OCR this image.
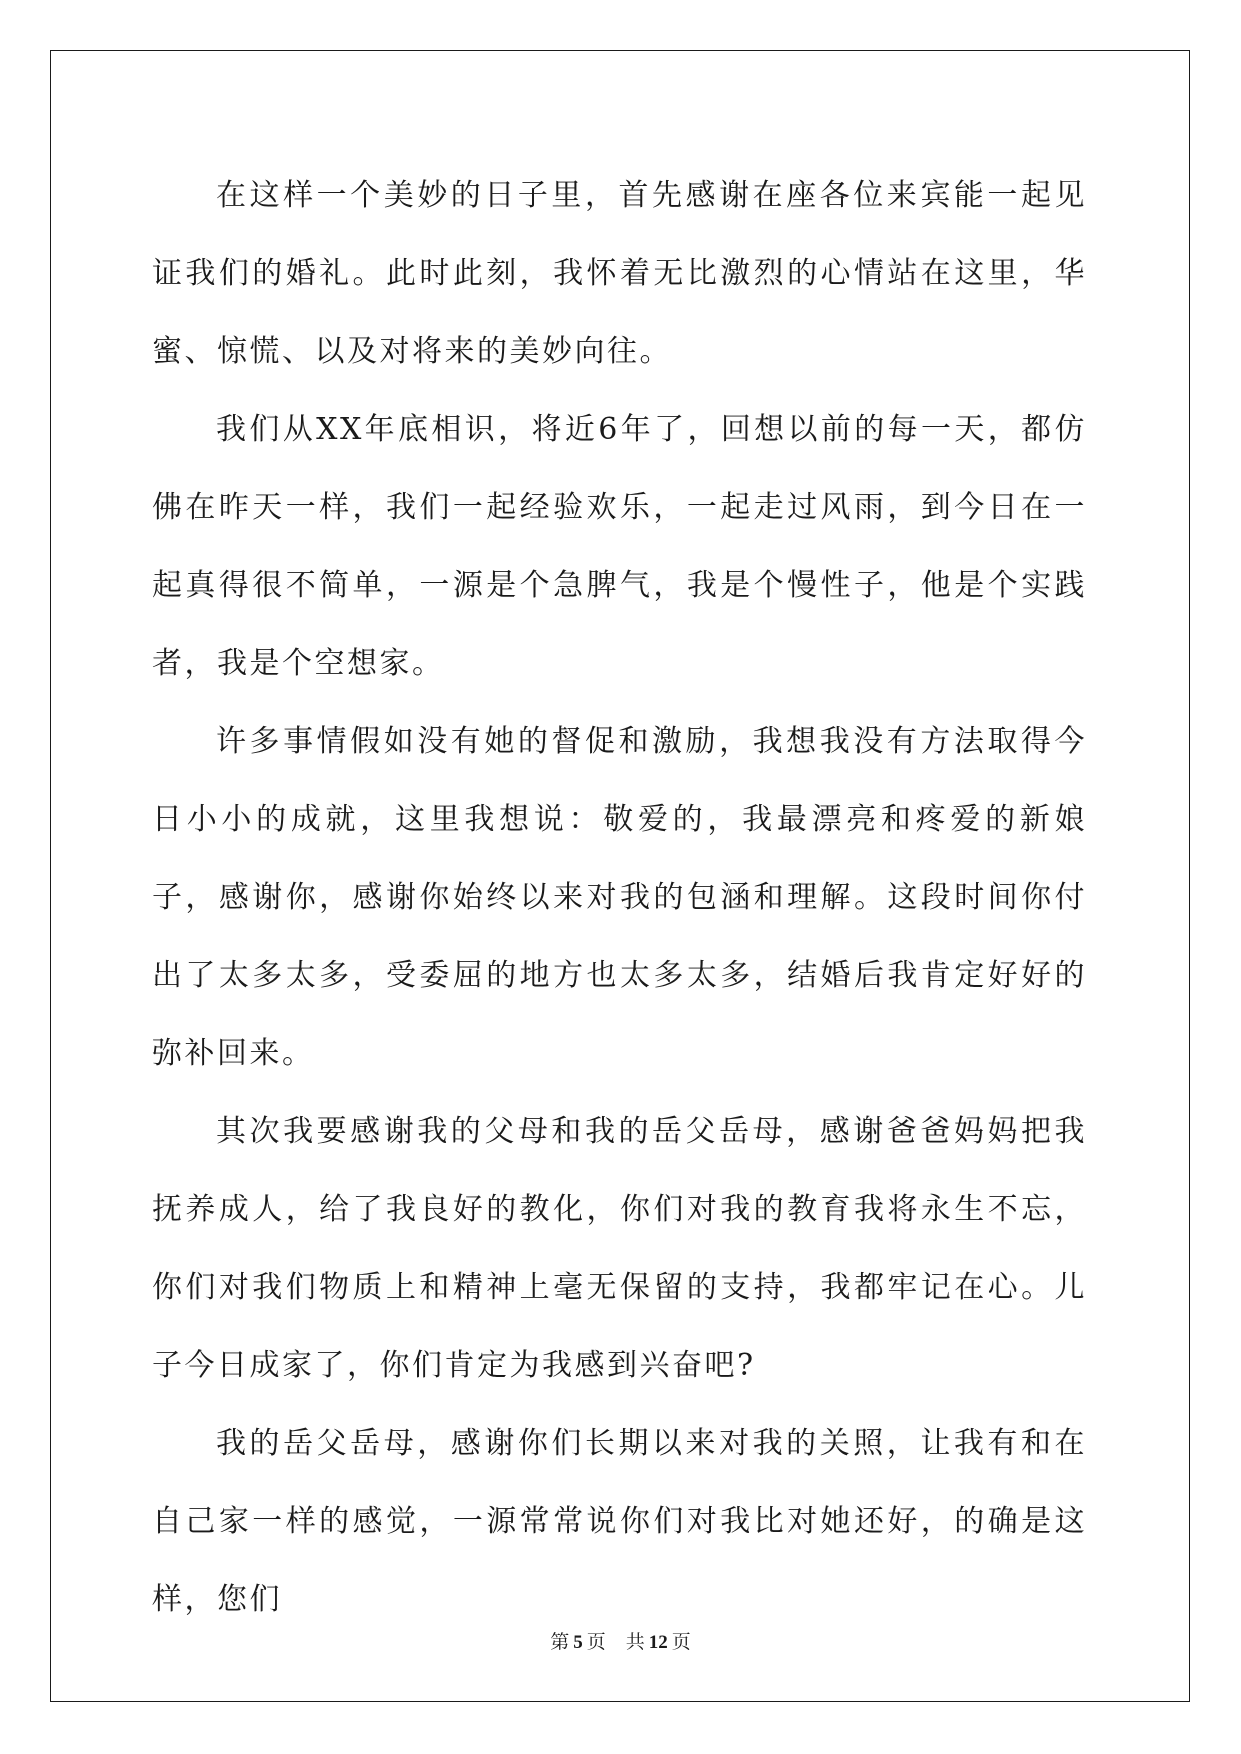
在这样一个美妙的日子里，首先感谢在座各位来宾能一起见证我们的婚礼。此时此刻，我怀着无比激烈的心情站在这里，华蜜、惊慌、以及对将来的美妙向往。

我们从XX年底相识，将近6年了，回想以前的每一天，都仿佛在昨天一样，我们一起经验欢乐，一起走过风雨，到今日在一起真得很不简单，一源是个急脾气，我是个慢性子，他是个实践者，我是个空想家。

许多事情假如没有她的督促和激励，我想我没有方法取得今日小小的成就，这里我想说：敬爱的，我最漂亮和疼爱的新娘子，感谢你，感谢你始终以来对我的包涵和理解。这段时间你付出了太多太多，受委屈的地方也太多太多，结婚后我肯定好好的弥补回来。

其次我要感谢我的父母和我的岳父岳母，感谢爸爸妈妈把我抚养成人，给了我良好的教化，你们对我的教育我将永生不忘，你们对我们物质上和精神上毫无保留的支持，我都牢记在心。儿子今日成家了，你们肯定为我感到兴奋吧?

我的岳父岳母，感谢你们长期以来对我的关照，让我有和在自己家一样的感觉，一源常常说你们对我比对她还好，的确是这样，您们

第 5 页 共 12 页
